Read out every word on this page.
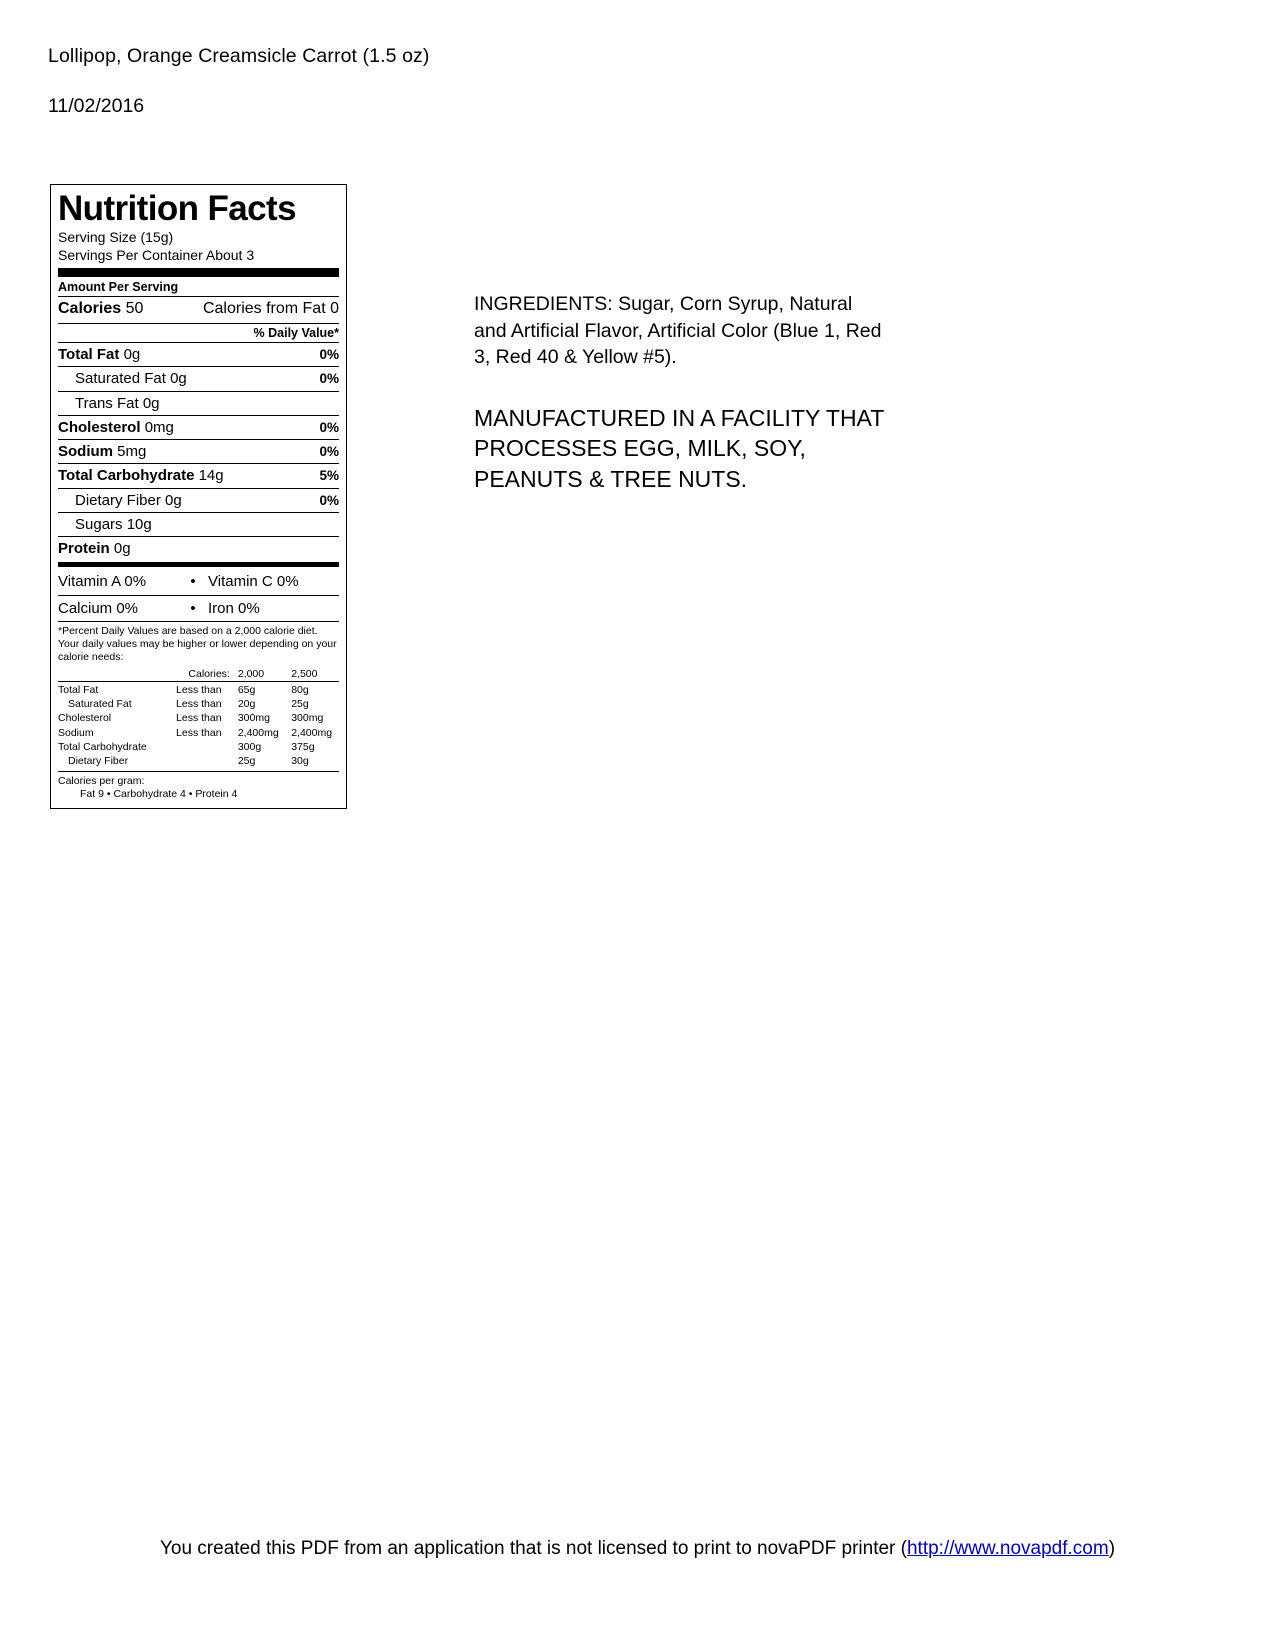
Lollipop, Orange Creamsicle Carrot (1.5 oz)
11/02/2016
Nutrition Facts
Serving Size (15g)
Servings Per Container About 3
Amount Per Serving
Calories 50	Calories from Fat 0
% Daily Value*
Total Fat 0g	0%
Saturated Fat 0g	0%
Trans Fat 0g
Cholesterol 0mg	0%
Sodium 5mg	0%
Total Carbohydrate 14g	5%
Dietary Fiber 0g	0%
Sugars 10g
Protein 0g
Vitamin A 0%	• Vitamin C 0%
Calcium 0%	• Iron 0%
*Percent Daily Values are based on a 2,000 calorie diet. Your daily values may be higher or lower depending on your calorie needs:
	Calories:	2,000	2,500
Total Fat	Less than	65g	80g
Saturated Fat	Less than	20g	25g
Cholesterol	Less than	300mg	300mg
Sodium	Less than	2,400mg	2,400mg
Total Carbohydrate		300g	375g
Dietary Fiber		25g	30g
Calories per gram:
Fat 9 • Carbohydrate 4 • Protein 4
INGREDIENTS: Sugar, Corn Syrup, Natural and Artificial Flavor, Artificial Color (Blue 1, Red 3, Red 40 & Yellow #5).
MANUFACTURED IN A FACILITY THAT PROCESSES EGG, MILK, SOY, PEANUTS & TREE NUTS.
You created this PDF from an application that is not licensed to print to novaPDF printer (http://www.novapdf.com)
